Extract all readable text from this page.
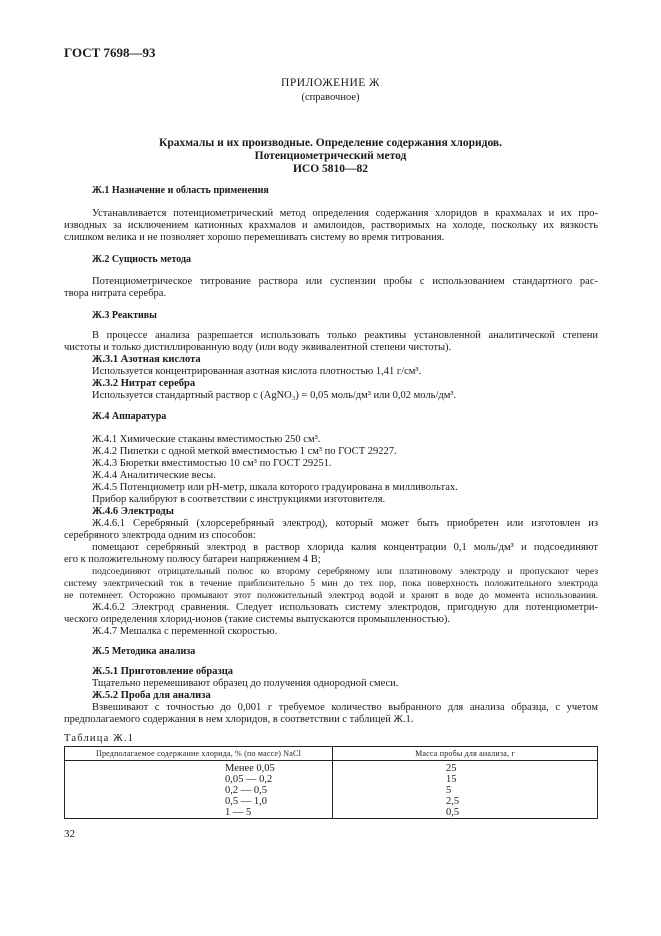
ГОСТ 7698—93
ПРИЛОЖЕНИЕ Ж
(справочное)
Крахмалы и их производные. Определение содержания хлоридов.
Потенциометрический метод
ИСО 5810—82
Ж.1 Назначение и область применения
Устанавливается потенциометрический метод определения содержания хлоридов в крахмалах и их про-
изводных за исключением катионных крахмалов и амилоидов, растворимых на холоде, поскольку их вязкость
слишком велика и не позволяет хорошо перемешивать систему во время титрования.
Ж.2 Сущность метода
Потенциометрическое титрование раствора или суспензии пробы с использованием стандартного рас-
твора нитрата серебра.
Ж.3 Реактивы
В процессе анализа разрешается использовать только реактивы установленной аналитической степени
чистоты и только дистиллированную воду (или воду эквивалентной степени чистоты).
Ж.3.1 Азотная кислота
Используется концентрированная азотная кислота плотностью 1,41 г/см³.
Ж.3.2 Нитрат серебра
Используется стандартный раствор c (AgNO₃) = 0,05 моль/дм³ или 0,02 моль/дм³.
Ж.4 Аппаратура
Ж.4.1 Химические стаканы вместимостью 250 см³.
Ж.4.2 Пипетки с одной меткой вместимостью 1 см³ по ГОСТ 29227.
Ж.4.3 Бюретки вместимостью 10 см³ по ГОСТ 29251.
Ж.4.4 Аналитические весы.
Ж.4.5 Потенциометр или рН-метр, шкала которого градуирована в милливольтах.
Прибор калибруют в соответствии с инструкциями изготовителя.
Ж.4.6 Электроды
Ж.4.6.1 Серебряный (хлорсеребряный электрод), который может быть приобретен или изготовлен из
серебряного электрода одним из способов:
помещают серебряный электрод в раствор хлорида калия концентрации 0,1 моль/дм³ и подсоединяют
его к положительному полюсу батареи напряжением 4 В;
подсоединяют отрицательный полюс ко второму серебряному или платиновому электроду и пропускают через
систему электрический ток в течение приблизительно 5 мин до тех пор, пока поверхность положительного электрода
не потемнеет. Осторожно промывают этот положительный электрод водой и хранят в воде до момента использования.
Ж.4.6.2 Электрод сравнения. Следует использовать систему электродов, пригодную для потенциометри-
ческого определения хлорид-ионов (такие системы выпускаются промышленностью).
Ж.4.7 Мешалка с переменной скоростью.
Ж.5 Методика анализа
Ж.5.1 Приготовление образца
Тщательно перемешивают образец до получения однородной смеси.
Ж.5.2 Проба для анализа
Взвешивают с точностью до 0,001 г требуемое количество выбранного для анализа образца, с учетом
предполагаемого содержания в нем хлоридов, в соответствии с таблицей Ж.1.
Таблица Ж.1
Предполагаемое содержание хлорида, % (по массе) NaCl	Масса пробы для анализа, г
Менее 0,05	25
0,05 — 0,2	15
0,2 — 0,5	5
0,5 — 1,0	2,5
1 — 5	0,5
32
